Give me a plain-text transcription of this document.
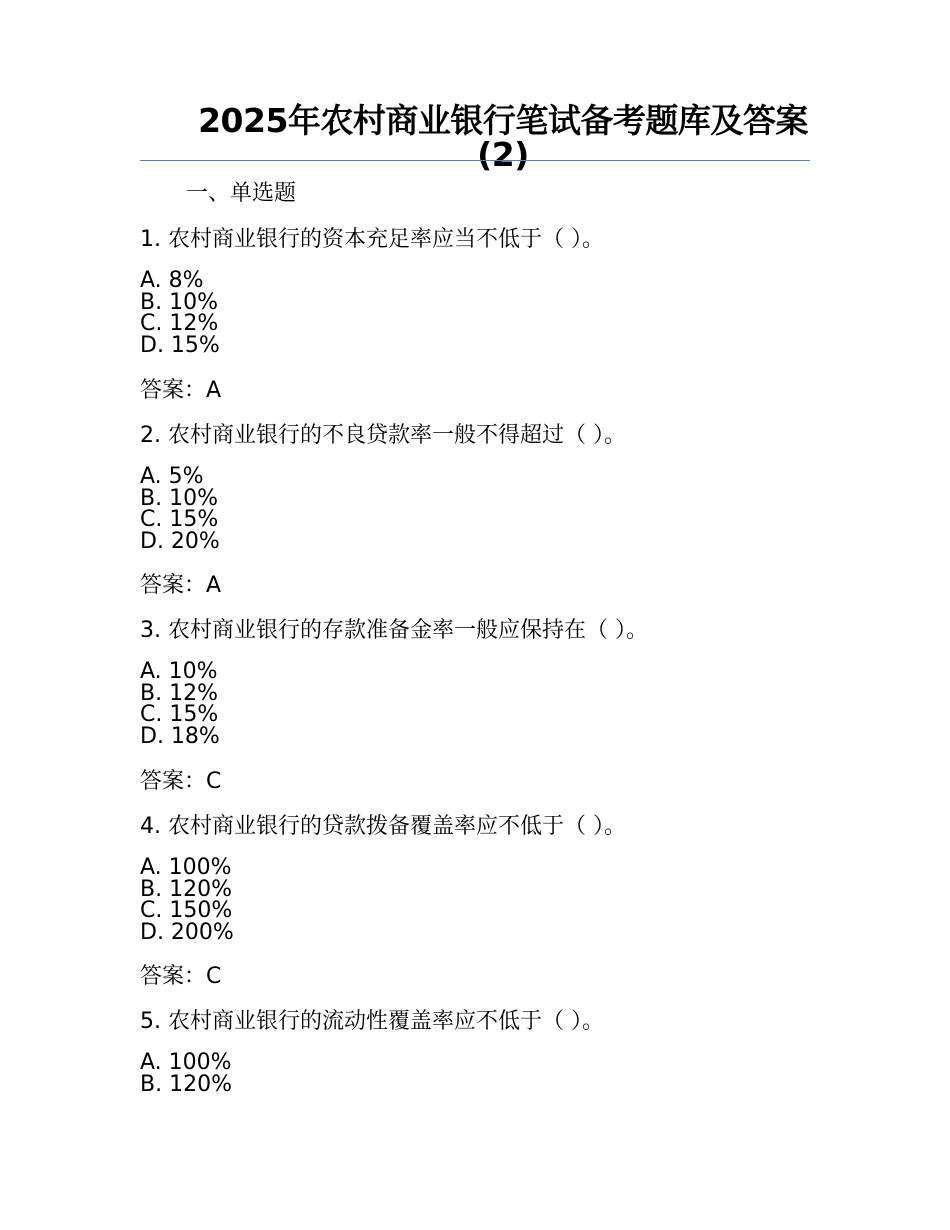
2025年农村商业银行笔试备考题库及答案(2)
一、单选题
1. 农村商业银行的资本充足率应当不低于（ ）。
A. 8%
B. 10%
C. 12%
D. 15%
答案：A
2. 农村商业银行的不良贷款率一般不得超过（ ）。
A. 5%
B. 10%
C. 15%
D. 20%
答案：A
3. 农村商业银行的存款准备金率一般应保持在（ ）。
A. 10%
B. 12%
C. 15%
D. 18%
答案：C
4. 农村商业银行的贷款拨备覆盖率应不低于（ ）。
A. 100%
B. 120%
C. 150%
D. 200%
答案：C
5. 农村商业银行的流动性覆盖率应不低于（ ）。
A. 100%
B. 120%
